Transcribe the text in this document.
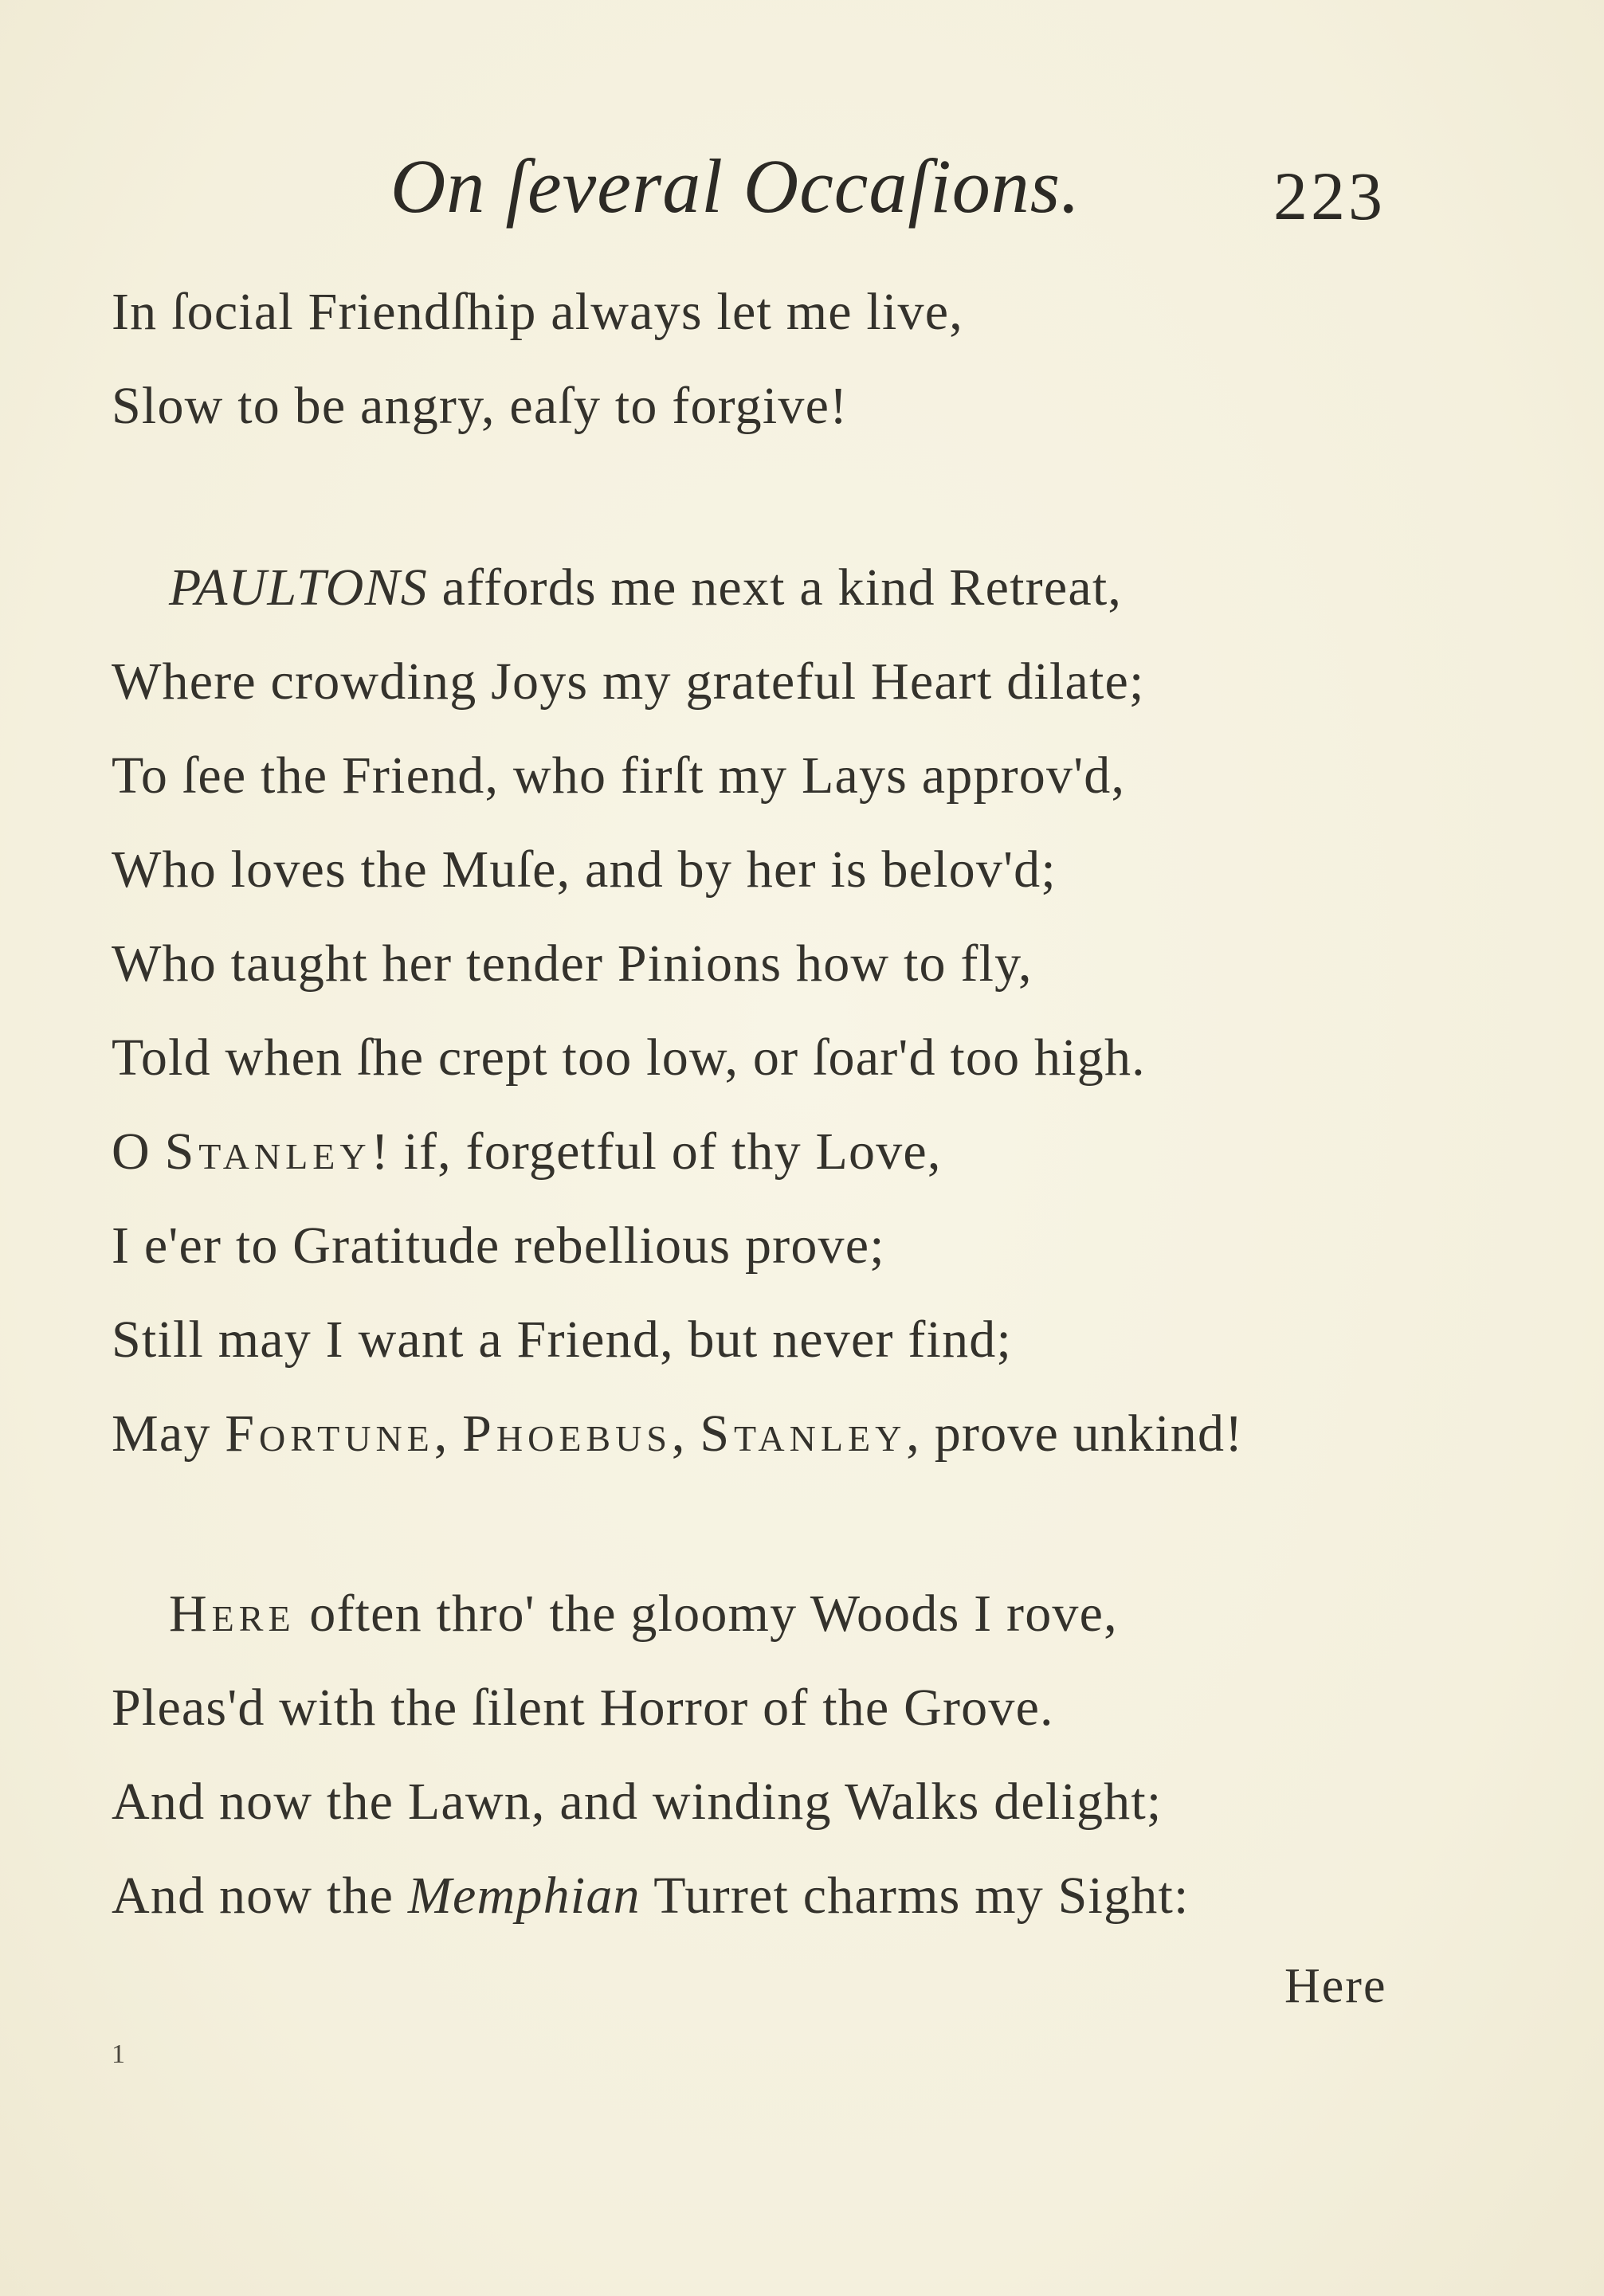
On ſeveral Occaſions.	223
In ſocial Friendſhip always let me live,
Slow to be angry, eaſy to forgive!
PAULTONS affords me next a kind Retreat,
Where crowding Joys my grateful Heart dilate;
To ſee the Friend, who firſt my Lays approv'd,
Who loves the Muſe, and by her is belov'd;
Who taught her tender Pinions how to fly,
Told when ſhe crept too low, or ſoar'd too high.
O Stanley! if, forgetful of thy Love,
I e'er to Gratitude rebellious prove;
Still may I want a Friend, but never find;
May Fortune, Phoebus, Stanley, prove unkind!
Here often thro' the gloomy Woods I rove,
Pleas'd with the ſilent Horror of the Grove.
And now the Lawn, and winding Walks delight;
And now the Memphian Turret charms my Sight:
Here
1
